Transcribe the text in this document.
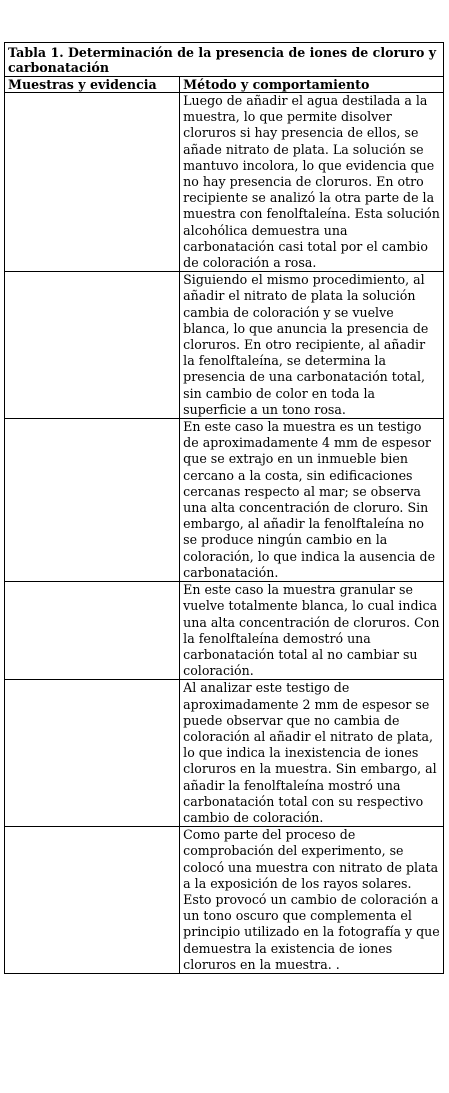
Tabla 1. Determinación de la presencia de iones de cloruro y carbonatación	
Muestras y evidencia	Método y comportamiento
	Luego de añadir el agua destilada a la muestra, lo que permite disolver cloruros si hay presencia de ellos, se añade nitrato de plata. La solución se mantuvo incolora, lo que evidencia que no hay presencia de cloruros. En otro recipiente se analizó la otra parte de la muestra con fenolftaleína. Esta solución alcohólica demuestra una carbonatación casi total por el cambio de coloración a rosa.
	Siguiendo el mismo procedimiento, al añadir el nitrato de plata la solución cambia de coloración y se vuelve blanca, lo que anuncia la presencia de cloruros. En otro recipiente, al añadir la fenolftaleína, se determina la presencia de una carbonatación total, sin cambio de color en toda la superficie a un tono rosa.
	En este caso la muestra es un testigo de aproximadamente 4 mm de espesor que se extrajo en un inmueble bien cercano a la costa, sin edificaciones cercanas respecto al mar; se observa una alta concentración de cloruro. Sin embargo, al añadir la fenolftaleína no se produce ningún cambio en la coloración, lo que indica la ausencia de carbonatación.
	En este caso la muestra granular se vuelve totalmente blanca, lo cual indica una alta concentración de cloruros. Con la fenolftaleína demostró una carbonatación total al no cambiar su coloración.
	Al analizar este testigo de aproximadamente 2 mm de espesor se puede observar que no cambia de coloración al añadir el nitrato de plata, lo que indica la inexistencia de iones cloruros en la muestra. Sin embargo, al añadir la fenolftaleína mostró una carbonatación total con su respectivo cambio de coloración.
	Como parte del proceso de comprobación del experimento, se colocó una muestra con nitrato de plata a la exposición de los rayos solares. Esto provocó un cambio de coloración a un tono oscuro que complementa el principio utilizado en la fotografía y que demuestra la existencia de iones cloruros en la muestra. .
